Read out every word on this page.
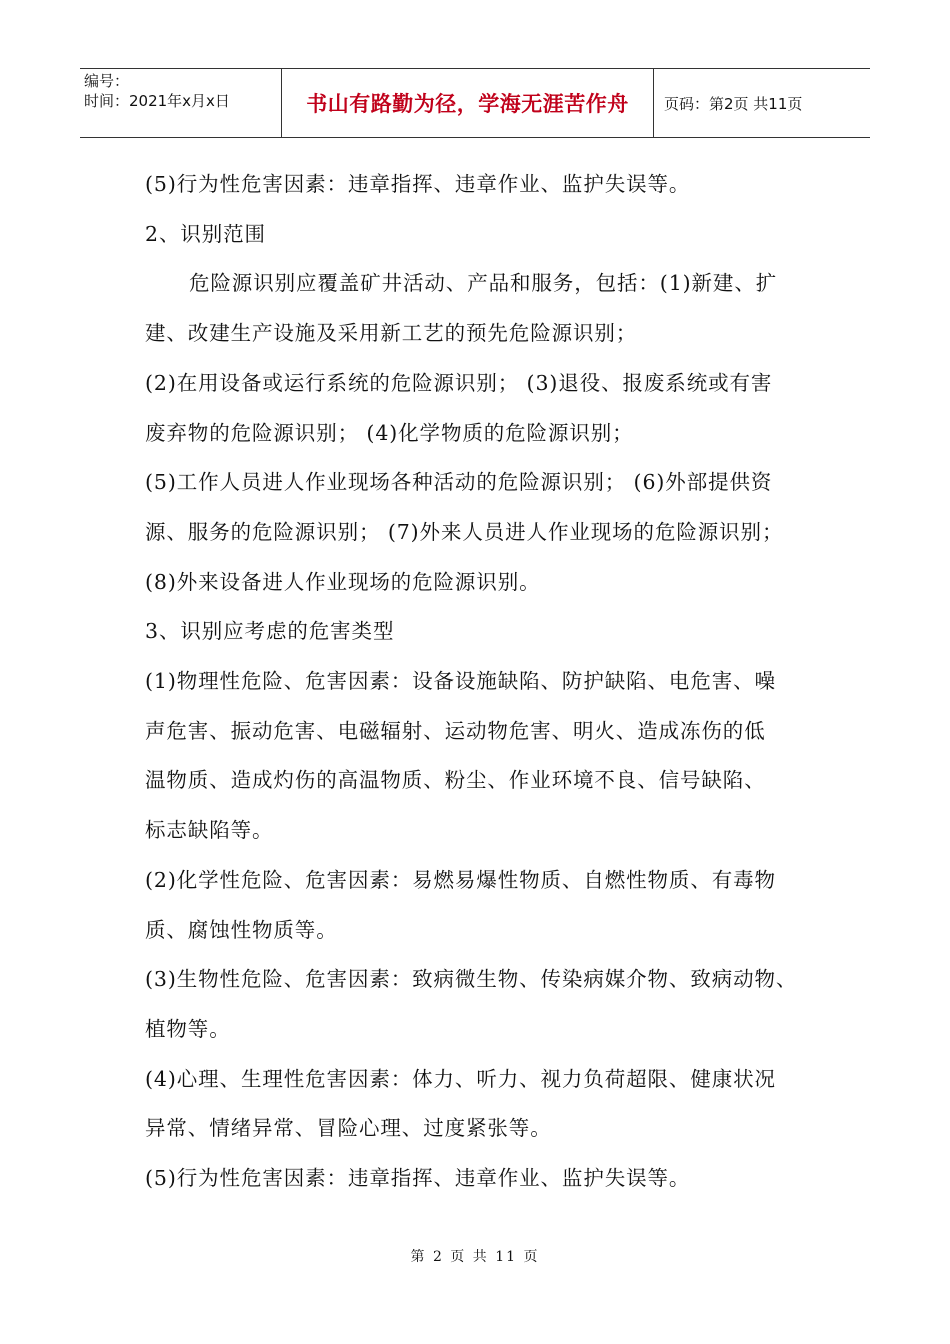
编号：
时间：2021年x月x日	书山有路勤为径，学海无涯苦作舟	页码：第2页 共11页

(5)行为性危害因素：违章指挥、违章作业、监护失误等。

2、识别范围

危险源识别应覆盖矿井活动、产品和服务，包括：(1)新建、扩

建、改建生产设施及采用新工艺的预先危险源识别；

(2)在用设备或运行系统的危险源识别； (3)退役、报废系统或有害

废弃物的危险源识别； (4)化学物质的危险源识别；

(5)工作人员进人作业现场各种活动的危险源识别； (6)外部提供资

源、服务的危险源识别； (7)外来人员进人作业现场的危险源识别；

(8)外来设备进人作业现场的危险源识别。

3、识别应考虑的危害类型

(1)物理性危险、危害因素：设备设施缺陷、防护缺陷、电危害、噪

声危害、振动危害、电磁辐射、运动物危害、明火、造成冻伤的低

温物质、造成灼伤的高温物质、粉尘、作业环境不良、信号缺陷、

标志缺陷等。

(2)化学性危险、危害因素：易燃易爆性物质、自燃性物质、有毒物

质、腐蚀性物质等。

(3)生物性危险、危害因素：致病微生物、传染病媒介物、致病动物、

植物等。

(4)心理、生理性危害因素：体力、听力、视力负荷超限、健康状况

异常、情绪异常、冒险心理、过度紧张等。

(5)行为性危害因素：违章指挥、违章作业、监护失误等。

第 2 页 共 11 页
